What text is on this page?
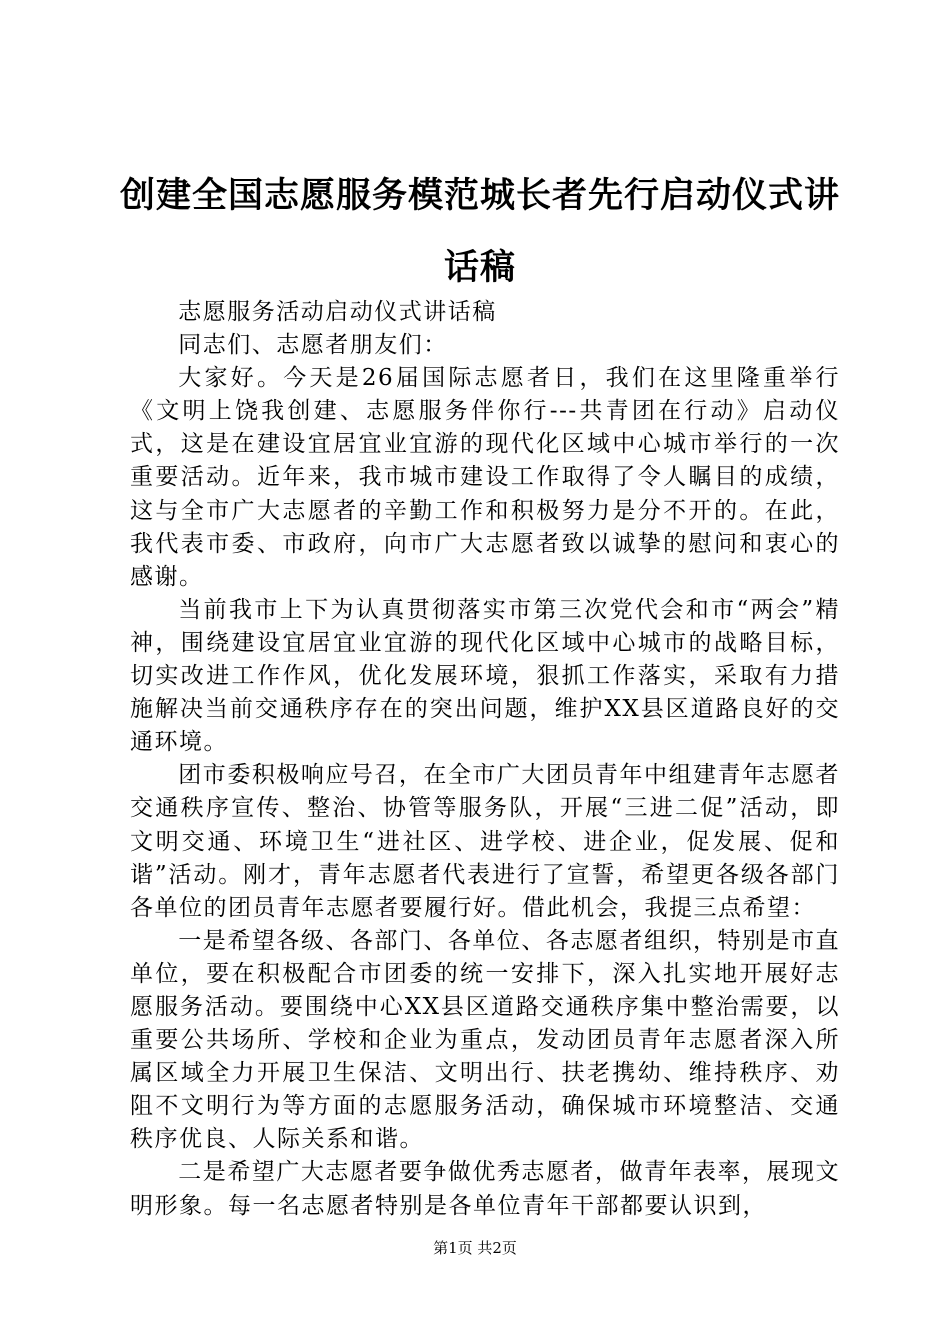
创建全国志愿服务模范城长者先行启动仪式讲话稿

志愿服务活动启动仪式讲话稿

同志们、志愿者朋友们：

大家好。今天是26届国际志愿者日，我们在这里隆重举行《文明上饶我创建、志愿服务伴你行---共青团在行动》启动仪式，这是在建设宜居宜业宜游的现代化区域中心城市举行的一次重要活动。近年来，我市城市建设工作取得了令人瞩目的成绩，这与全市广大志愿者的辛勤工作和积极努力是分不开的。在此，我代表市委、市政府，向市广大志愿者致以诚挚的慰问和衷心的感谢。

当前我市上下为认真贯彻落实市第三次党代会和市“两会”精神，围绕建设宜居宜业宜游的现代化区域中心城市的战略目标，切实改进工作作风，优化发展环境，狠抓工作落实，采取有力措施解决当前交通秩序存在的突出问题，维护XX县区道路良好的交通环境。

团市委积极响应号召，在全市广大团员青年中组建青年志愿者交通秩序宣传、整治、协管等服务队，开展“三进二促”活动，即文明交通、环境卫生“进社区、进学校、进企业，促发展、促和谐”活动。刚才，青年志愿者代表进行了宣誓，希望更各级各部门各单位的团员青年志愿者要履行好。借此机会，我提三点希望：

一是希望各级、各部门、各单位、各志愿者组织，特别是市直单位，要在积极配合市团委的统一安排下，深入扎实地开展好志愿服务活动。要围绕中心XX县区道路交通秩序集中整治需要，以重要公共场所、学校和企业为重点，发动团员青年志愿者深入所属区域全力开展卫生保洁、文明出行、扶老携幼、维持秩序、劝阻不文明行为等方面的志愿服务活动，确保城市环境整洁、交通秩序优良、人际关系和谐。

二是希望广大志愿者要争做优秀志愿者，做青年表率，展现文明形象。每一名志愿者特别是各单位青年干部都要认识到，

第1页 共2页
